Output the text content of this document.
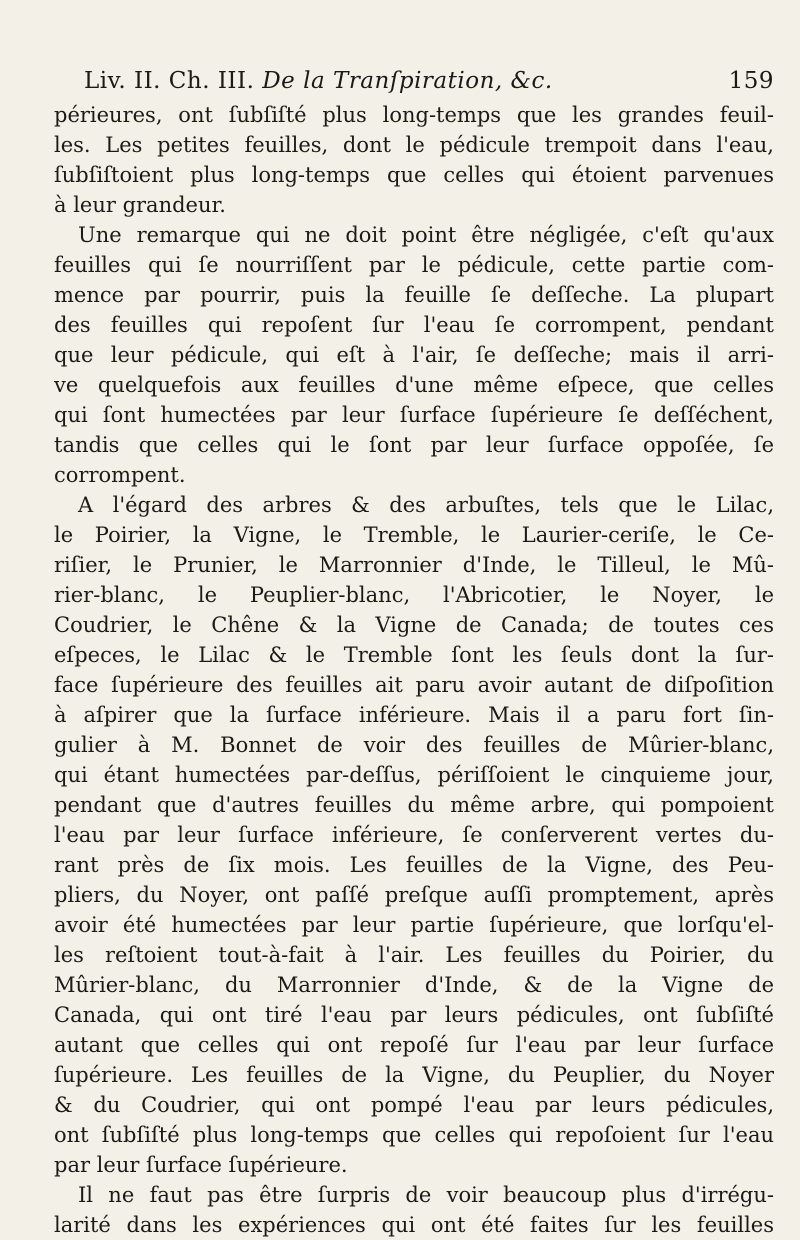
Liv. II. Ch. III. De la Tranſpiration, &c.	159
périeures, ont ſubſiſté plus long-temps que les grandes feuil-
les. Les petites feuilles, dont le pédicule trempoit dans l'eau,
ſubſiſtoient plus long-temps que celles qui étoient parvenues
à leur grandeur.
Une remarque qui ne doit point être négligée, c'eſt qu'aux
feuilles qui ſe nourriſſent par le pédicule, cette partie com-
mence par pourrir, puis la feuille ſe deſſeche. La plupart
des feuilles qui repoſent ſur l'eau ſe corrompent, pendant
que leur pédicule, qui eſt à l'air, ſe deſſeche; mais il arri-
ve quelquefois aux feuilles d'une même eſpece, que celles
qui ſont humectées par leur ſurface ſupérieure ſe deſſéchent,
tandis que celles qui le ſont par leur ſurface oppoſée, ſe
corrompent.
A l'égard des arbres & des arbuſtes, tels que le Lilac,
le Poirier, la Vigne, le Tremble, le Laurier-ceriſe, le Ce-
riſier, le Prunier, le Marronnier d'Inde, le Tilleul, le Mû-
rier-blanc, le Peuplier-blanc, l'Abricotier, le Noyer, le
Coudrier, le Chêne & la Vigne de Canada; de toutes ces
eſpeces, le Lilac & le Tremble ſont les ſeuls dont la ſur-
face ſupérieure des feuilles ait paru avoir autant de diſpoſition
à aſpirer que la ſurface inférieure. Mais il a paru fort ſin-
gulier à M. Bonnet de voir des feuilles de Mûrier-blanc,
qui étant humectées par-deſſus, périſſoient le cinquieme jour,
pendant que d'autres feuilles du même arbre, qui pompoient
l'eau par leur ſurface inférieure, ſe conſerverent vertes du-
rant près de ſix mois. Les feuilles de la Vigne, des Peu-
pliers, du Noyer, ont paſſé preſque auſſi promptement, après
avoir été humectées par leur partie ſupérieure, que lorſqu'el-
les reſtoient tout-à-fait à l'air. Les feuilles du Poirier, du
Mûrier-blanc, du Marronnier d'Inde, & de la Vigne de
Canada, qui ont tiré l'eau par leurs pédicules, ont ſubſiſté
autant que celles qui ont repoſé ſur l'eau par leur ſurface
ſupérieure. Les feuilles de la Vigne, du Peuplier, du Noyer
& du Coudrier, qui ont pompé l'eau par leurs pédicules,
ont ſubſiſté plus long-temps que celles qui repoſoient ſur l'eau
par leur ſurface ſupérieure.
Il ne faut pas être ſurpris de voir beaucoup plus d'irrégu-
larité dans les expériences qui ont été faites ſur les feuilles
